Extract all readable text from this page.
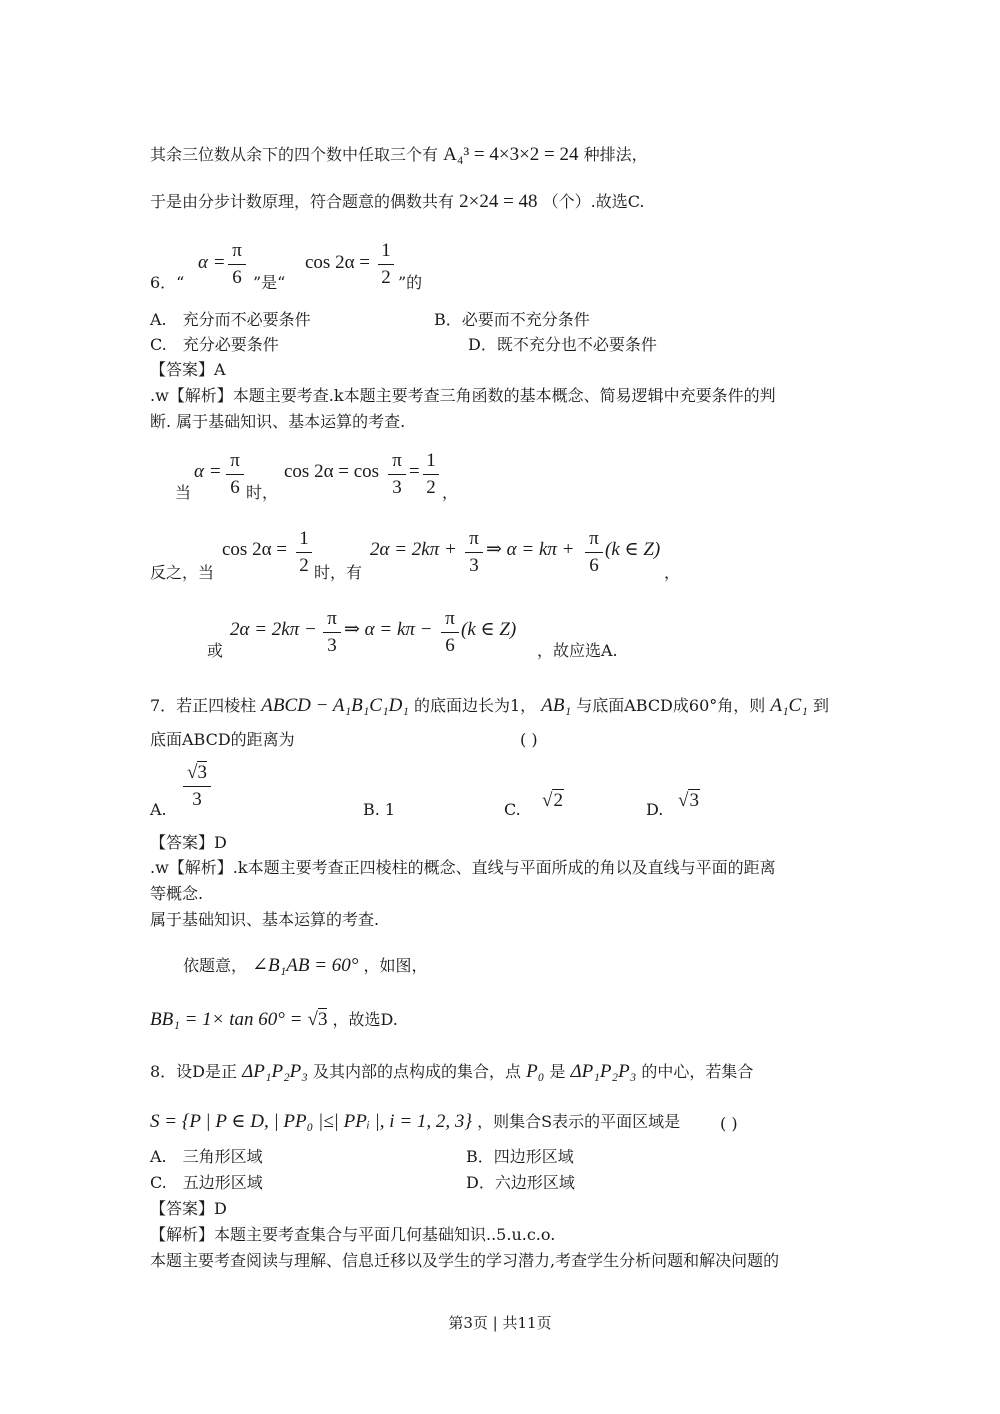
其余三位数从余下的四个数中任取三个有 A₄³ = 4×3×2 = 24 种排法，
于是由分步计数原理，符合题意的偶数共有 2×24 = 48 （个）.故选C.
6．“
α =
π
6 ”是“
cos 2α =
1
2 ”的
A.　充分而不必要条件	B．必要而不充分条件
C.　充分必要条件	D．既不充分也不必要条件
【答案】A
.w【解析】本题主要考查.k本题主要考查三角函数的基本概念、简易逻辑中充要条件的判
断. 属于基础知识、基本运算的考查.
当
α =
π
6 时，
cos 2α = cos
π
3
=
1
2 ，
反之，当
cos 2α =
1
2 时，有
2α = 2kπ +
π
3
⇒ α = kπ +
π
6
(k ∈ Z)
，
或
2α = 2kπ −
π
3
⇒ α = kπ −
π
6
(k ∈ Z)
，故应选A.
7．若正四棱柱 ABCD − A₁B₁C₁D₁ 的底面边长为1， AB₁ 与底面ABCD成60°角，则 A₁C₁ 到
底面ABCD的距离为	( )
A.
√3
3	B. 1	C. √2	D. √3
【答案】D
.w【解析】.k本题主要考查正四棱柱的概念、直线与平面所成的角以及直线与平面的距离
等概念.
属于基础知识、基本运算的考查.
依题意， ∠B₁AB = 60° ，如图，
BB₁ = 1× tan 60° = √3 ，故选D.
8．设D是正 ΔP₁P₂P₃ 及其内部的点构成的集合，点 P₀ 是 ΔP₁P₂P₃ 的中心，若集合
S = {P | P ∈ D, | PP₀ |≤| PPᵢ |, i = 1, 2, 3} ，则集合S表示的平面区域是 ( )
A.　三角形区域	B．四边形区域
C.　五边形区域	D．六边形区域
【答案】D
【解析】本题主要考查集合与平面几何基础知识..5.u.c.o.
本题主要考查阅读与理解、信息迁移以及学生的学习潜力,考查学生分析问题和解决问题的
第3页 | 共11页
